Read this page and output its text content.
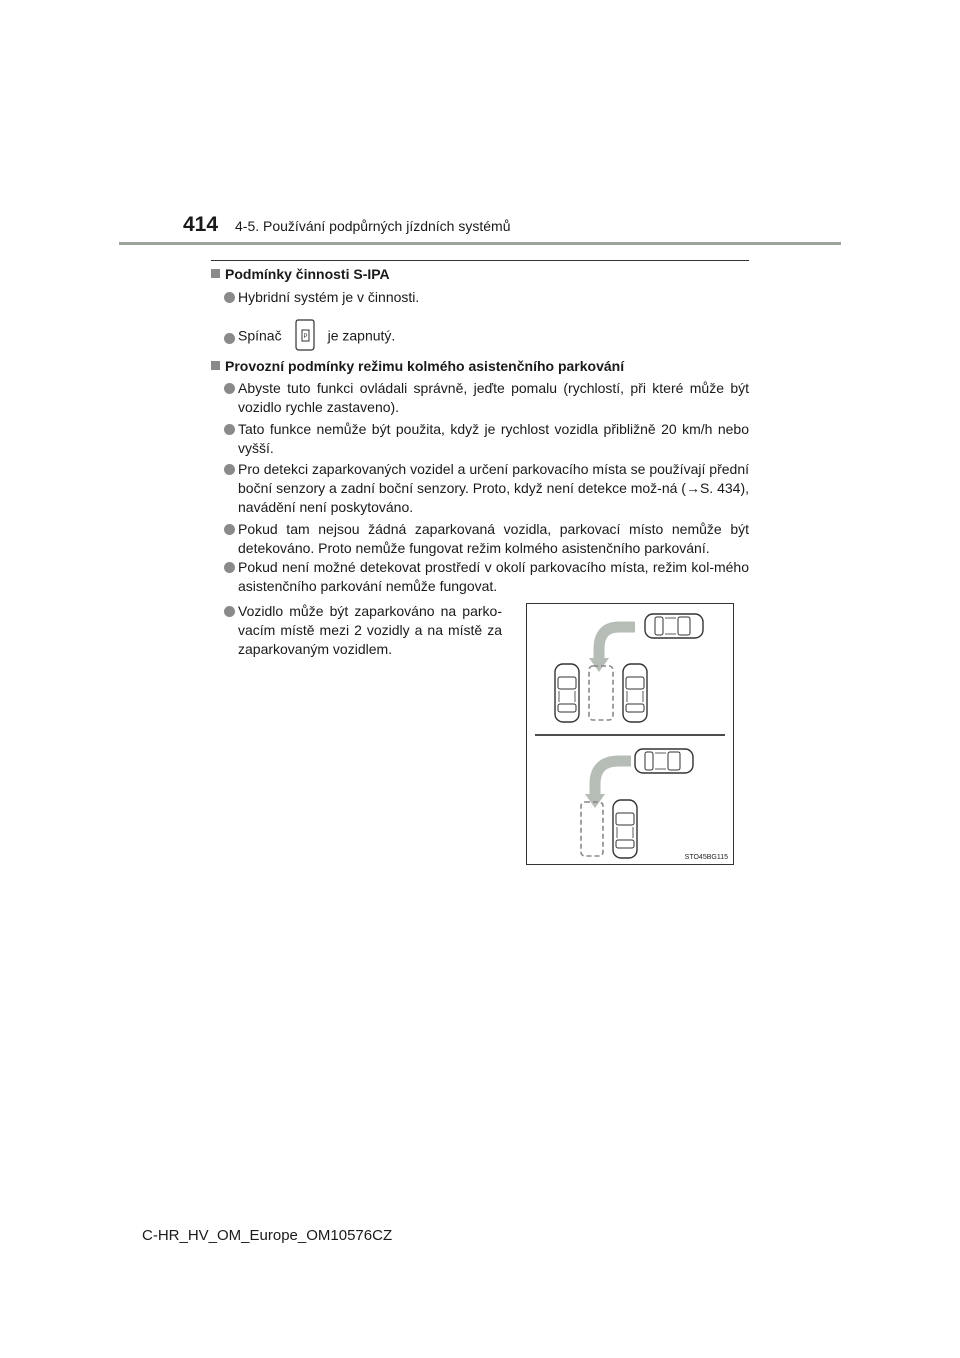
414 4-5. Používání podpůrných jízdních systémů
Podmínky činnosti S-IPA
Hybridní systém je v činnosti.
Spínač	P je zapnutý.
Provozní podmínky režimu kolmého asistenčního parkování
Abyste tuto funkci ovládali správně, jeďte pomalu (rychlostí, při které může být vozidlo rychle zastaveno).
Tato funkce nemůže být použita, když je rychlost vozidla přibližně 20 km/h nebo vyšší.
Pro detekci zaparkovaných vozidel a určení parkovacího místa se používají přední boční senzory a zadní boční senzory. Proto, když není detekce mož-ná (→S. 434), navádění není poskytováno.
Pokud tam nejsou žádná zaparkovaná vozidla, parkovací místo nemůže být detekováno. Proto nemůže fungovat režim kolmého asistenčního parkování.
Pokud není možné detekovat prostředí v okolí parkovacího místa, režim kol-mého asistenčního parkování nemůže fungovat.
Vozidlo může být zaparkováno na parko-vacím místě mezi 2 vozidly a na místě za zaparkovaným vozidlem.
STO45BG115
C-HR_HV_OM_Europe_OM10576CZ
